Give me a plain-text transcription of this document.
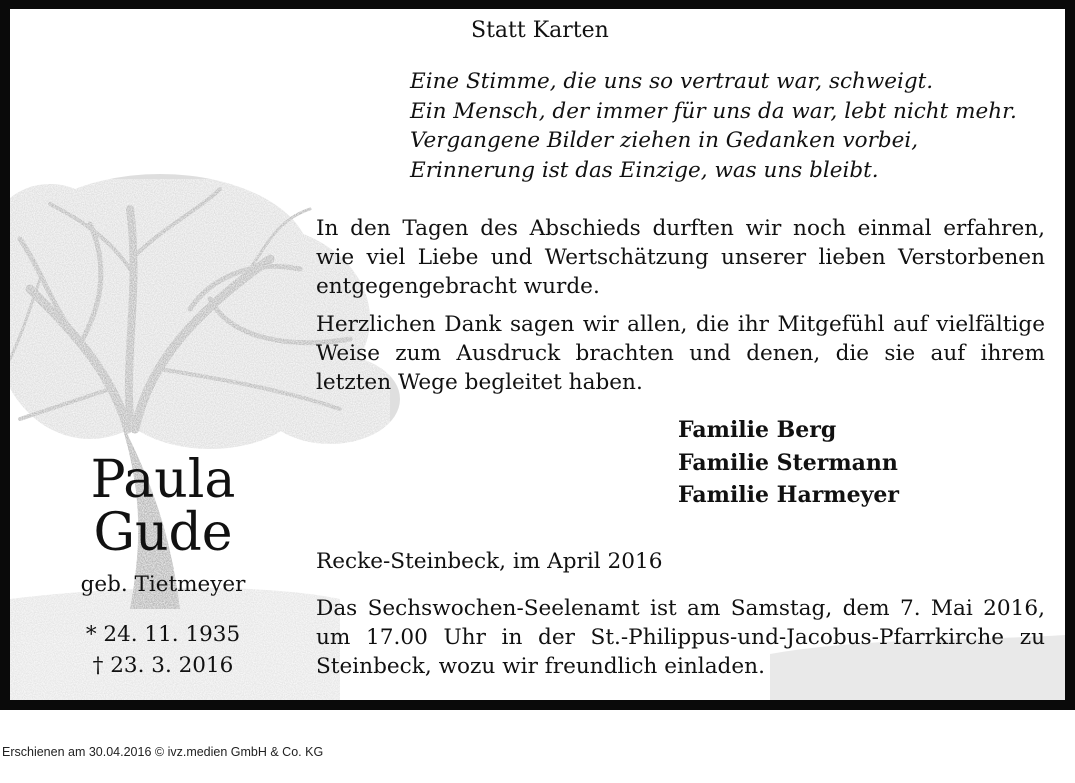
Statt Karten
Eine Stimme, die uns so vertraut war, schweigt.
Ein Mensch, der immer für uns da war, lebt nicht mehr.
Vergangene Bilder ziehen in Gedanken vorbei,
Erinnerung ist das Einzige, was uns bleibt.
In den Tagen des Abschieds durften wir noch einmal erfahren, wie viel Liebe und Wertschätzung unserer lieben Verstorbenen entgegengebracht wurde.
Herzlichen Dank sagen wir allen, die ihr Mitgefühl auf vielfältige Weise zum Ausdruck brachten und denen, die sie auf ihrem letzten Wege begleitet haben.
Familie Berg
Familie Stermann
Familie Harmeyer
Recke-Steinbeck, im April 2016
Das Sechswochen-Seelenamt ist am Samstag, dem 7. Mai 2016, um 17.00 Uhr in der St.-Philippus-und-Jacobus-Pfarrkirche zu Steinbeck, wozu wir freundlich einladen.
Paula
Gude
geb. Tietmeyer
* 24. 11. 1935
† 23. 3. 2016
Erschienen am 30.04.2016 © ivz.medien GmbH & Co. KG
